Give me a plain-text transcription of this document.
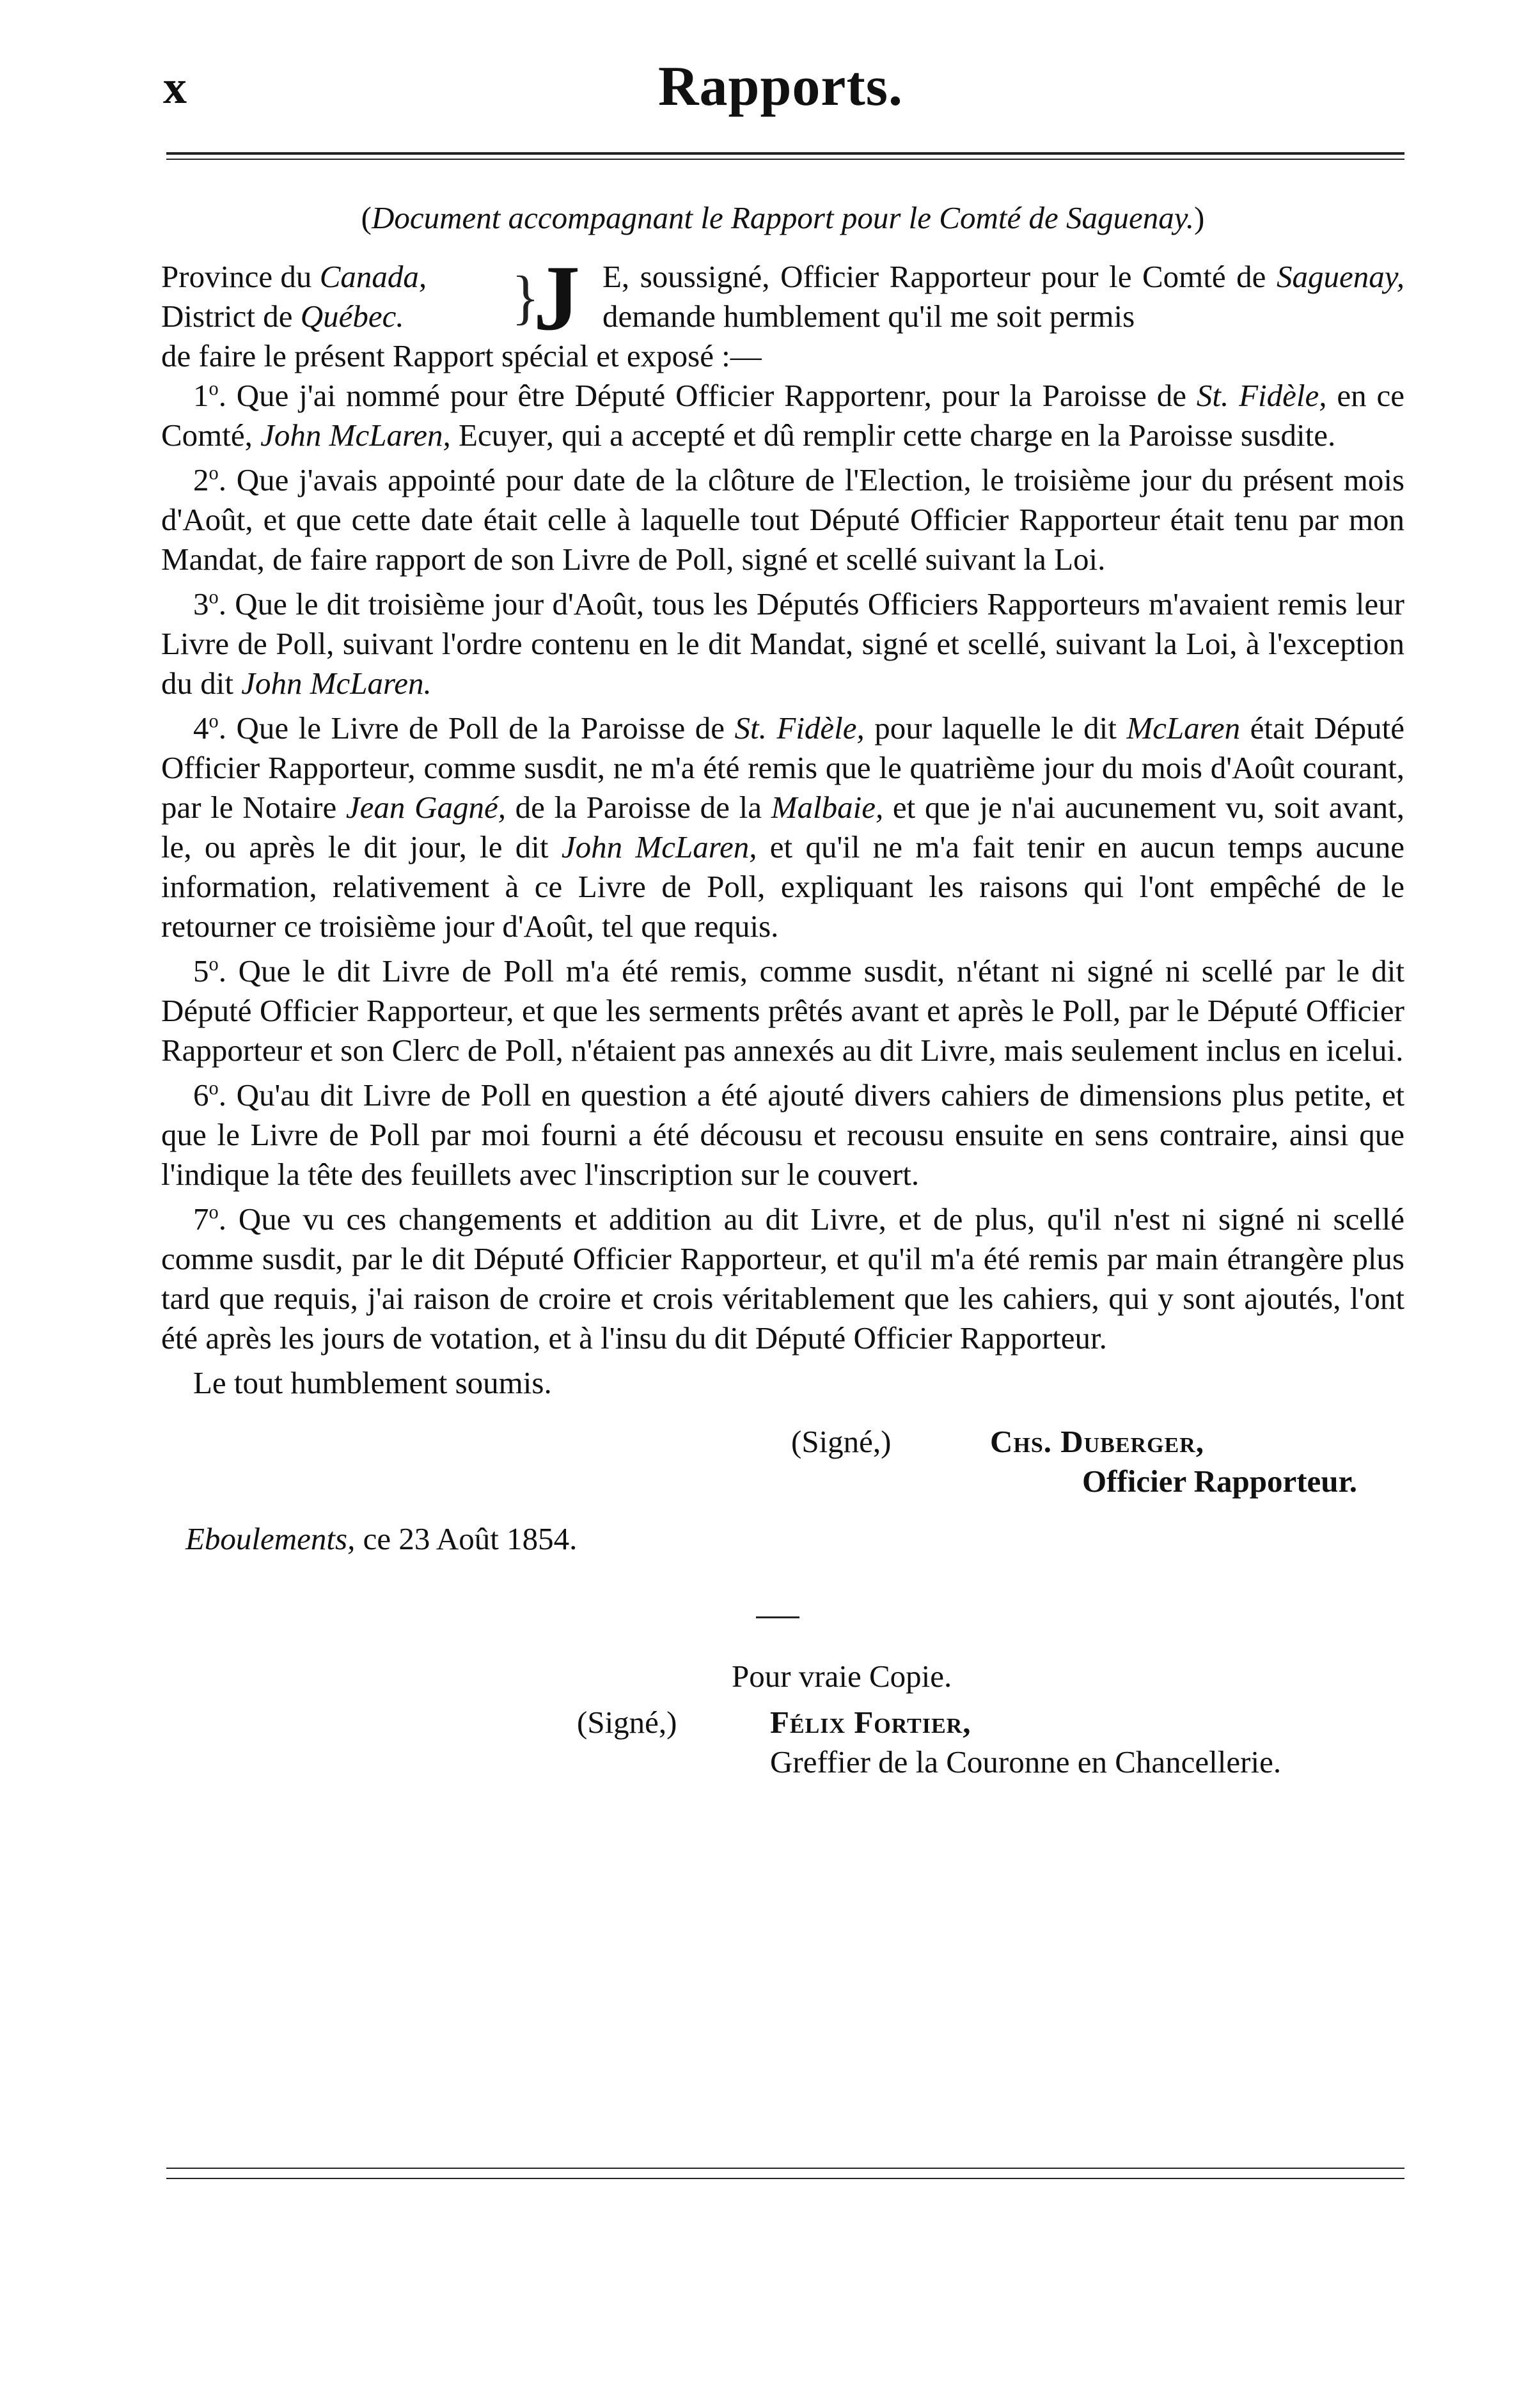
x	Rapports.
(Document accompagnant le Rapport pour le Comté de Saguenay.)
Province du Canada,
District de Québec.	}
J E, soussigné, Officier Rapporteur pour le Comté de Saguenay, demande humblement qu'il me soit permis
de faire le présent Rapport spécial et exposé :—

1$^o$. Que j'ai nommé pour être Député Officier Rapportenr, pour la Paroisse de St. Fidèle, en ce Comté, John McLaren, Ecuyer, qui a accepté et dû remplir cette charge en la Paroisse susdite.

2$^o$. Que j'avais appointé pour date de la clôture de l'Election, le troisième jour du présent mois d'Août, et que cette date était celle à laquelle tout Député Officier Rapporteur était tenu par mon Mandat, de faire rapport de son Livre de Poll, signé et scellé suivant la Loi.

3$^o$. Que le dit troisième jour d'Août, tous les Députés Officiers Rapporteurs m'avaient remis leur Livre de Poll, suivant l'ordre contenu en le dit Mandat, signé et scellé, suivant la Loi, à l'exception du dit John McLaren.

4$^o$. Que le Livre de Poll de la Paroisse de St. Fidèle, pour laquelle le dit McLaren était Député Officier Rapporteur, comme susdit, ne m'a été remis que le quatrième jour du mois d'Août courant, par le Notaire Jean Gagné, de la Paroisse de la Malbaie, et que je n'ai aucunement vu, soit avant, le, ou après le dit jour, le dit John McLaren, et qu'il ne m'a fait tenir en aucun temps aucune information, relativement à ce Livre de Poll, expliquant les raisons qui l'ont empêché de le retourner ce troisième jour d'Août, tel que requis.

5$^o$. Que le dit Livre de Poll m'a été remis, comme susdit, n'étant ni signé ni scellé par le dit Député Officier Rapporteur, et que les serments prêtés avant et après le Poll, par le Député Officier Rapporteur et son Clerc de Poll, n'étaient pas annexés au dit Livre, mais seulement inclus en icelui.

6$^o$. Qu'au dit Livre de Poll en question a été ajouté divers cahiers de dimensions plus petite, et que le Livre de Poll par moi fourni a été décousu et recousu ensuite en sens contraire, ainsi que l'indique la tête des feuillets avec l'inscription sur le couvert.

7$^o$. Que vu ces changements et addition au dit Livre, et de plus, qu'il n'est ni signé ni scellé comme susdit, par le dit Député Officier Rapporteur, et qu'il m'a été remis par main étrangère plus tard que requis, j'ai raison de croire et crois véritablement que les cahiers, qui y sont ajoutés, l'ont été après les jours de votation, et à l'insu du dit Député Officier Rapporteur.

Le tout humblement soumis.

(Signé,)	Chs. Duberger,
Officier Rapporteur.
Eboulements, ce 23 Août 1854.
Pour vraie Copie.
(Signé,)	Félix Fortier,
Greffier de la Couronne en Chancellerie.
